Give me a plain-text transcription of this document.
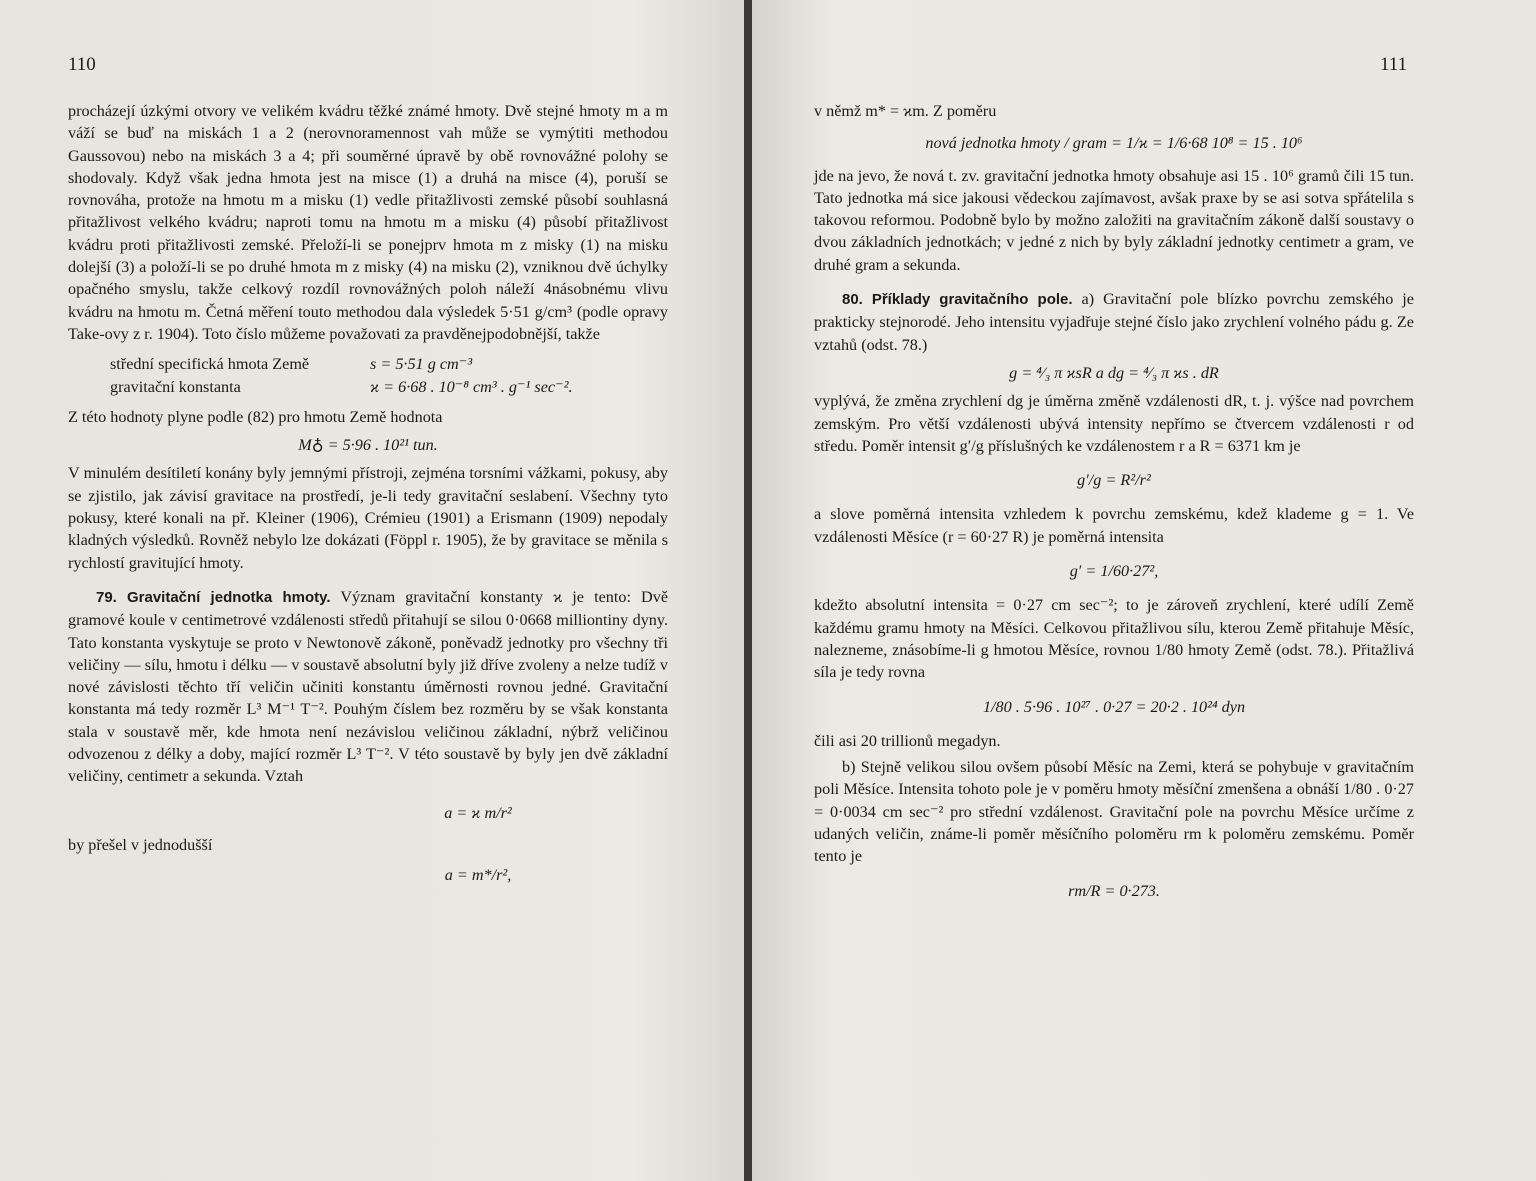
110

procházejí úzkými otvory ve velikém kvádru těžké známé hmoty. Dvě stejné hmoty m a m váží se buď na miskách 1 a 2 (nerovnoramennost vah může se vymýtiti methodou Gaussovou) nebo na miskách 3 a 4; při souměrné úpravě by obě rovnovážné polohy se shodovaly. Když však jedna hmota jest na misce (1) a druhá na misce (4), poruší se rovnováha, protože na hmotu m a misku (1) vedle přitažlivosti zemské působí souhlasná přitažlivost velkého kvádru; naproti tomu na hmotu m a misku (4) působí přitažlivost kvádru proti přitažlivosti zemské. Přeloží-li se ponejprv hmota m z misky (1) na misku dolejší (3) a položí-li se po druhé hmota m z misky (4) na misku (2), vzniknou dvě úchylky opačného smyslu, takže celkový rozdíl rovnovážných poloh náleží 4násobnému vlivu kvádru na hmotu m. Četná měření touto methodou dala výsledek 5·51 g/cm³ (podle opravy Take-ovy z r. 1904). Toto číslo můžeme považovati za pravděnejpodobnější, takže

střední specifická hmota Země	s = 5·51 g cm⁻³
gravitační konstanta	ϰ = 6·68 . 10⁻⁸ cm³ . g⁻¹ sec⁻².

Z této hodnoty plyne podle (82) pro hmotu Země hodnota

M♁ = 5·96 . 10²¹ tun.

V minulém desítiletí konány byly jemnými přístroji, zejména torsními vážkami, pokusy, aby se zjistilo, jak závisí gravitace na prostředí, je-li tedy gravitační seslabení. Všechny tyto pokusy, které konali na př. Kleiner (1906), Crémieu (1901) a Erismann (1909) nepodaly kladných výsledků. Rovněž nebylo lze dokázati (Föppl r. 1905), že by gravitace se měnila s rychlostí gravitující hmoty.

79. Gravitační jednotka hmoty. Význam gravitační konstanty ϰ je tento: Dvě gramové koule v centimetrové vzdálenosti středů přitahují se silou 0·0668 milliontiny dyny. Tato konstanta vyskytuje se proto v Newtonově zákoně, poněvadž jednotky pro všechny tři veličiny — sílu, hmotu i délku — v soustavě absolutní byly již dříve zvoleny a nelze tudíž v nové závislosti těchto tří veličin učiniti konstantu úměrnosti rovnou jedné. Gravitační konstanta má tedy rozměr L³ M⁻¹ T⁻². Pouhým číslem bez rozměru by se však konstanta stala v soustavě měr, kde hmota není nezávislou veličinou základní, nýbrž veličinou odvozenou z délky a doby, mající rozměr L³ T⁻². V této soustavě by byly jen dvě základní veličiny, centimetr a sekunda. Vztah

a = ϰ m/r²

by přešel v jednodušší

a = m*/r²,
111

v němž m* = ϰm. Z poměru

nová jednotka hmoty / gram = 1/ϰ = 1/6·68 10⁸ = 15 . 10⁶

jde na jevo, že nová t. zv. gravitační jednotka hmoty obsahuje asi 15 . 10⁶ gramů čili 15 tun. Tato jednotka má sice jakousi vědeckou zajímavost, avšak praxe by se asi sotva spřátelila s takovou reformou. Podobně bylo by možno založiti na gravitačním zákoně další soustavy o dvou základních jednotkách; v jedné z nich by byly základní jednotky centimetr a gram, ve druhé gram a sekunda.

80. Příklady gravitačního pole. a) Gravitační pole blízko povrchu zemského je prakticky stejnorodé. Jeho intensitu vyjadřuje stejné číslo jako zrychlení volného pádu g. Ze vztahů (odst. 78.)

g = ⁴⁄₃ π ϰsR a dg = ⁴⁄₃ π ϰs . dR

vyplývá, že změna zrychlení dg je úměrna změně vzdálenosti dR, t. j. výšce nad povrchem zemským. Pro větší vzdálenosti ubývá intensity nepřímo se čtvercem vzdálenosti r od středu. Poměr intensit g′/g příslušných ke vzdálenostem r a R = 6371 km je

g′/g = R²/r²

a slove poměrná intensita vzhledem k povrchu zemskému, kdež klademe g = 1. Ve vzdálenosti Měsíce (r = 60·27 R) je poměrná intensita

g′ = 1/60·27²,

kdežto absolutní intensita = 0·27 cm sec⁻²; to je zároveň zrychlení, které udílí Země každému gramu hmoty na Měsíci. Celkovou přitažlivou sílu, kterou Země přitahuje Měsíc, nalezneme, znásobíme-li g hmotou Měsíce, rovnou 1/80 hmoty Země (odst. 78.). Přitažlivá síla je tedy rovna

1/80 . 5·96 . 10²⁷ . 0·27 = 20·2 . 10²⁴ dyn

čili asi 20 trillionů megadyn.

b) Stejně velikou silou ovšem působí Měsíc na Zemi, která se pohybuje v gravitačním poli Měsíce. Intensita tohoto pole je v poměru hmoty měsíční zmenšena a obnáší 1/80 . 0·27 = 0·0034 cm sec⁻² pro střední vzdálenost. Gravitační pole na povrchu Měsíce určíme z udaných veličin, známe-li poměr měsíčního poloměru rm k poloměru zemskému. Poměr tento je

rm/R = 0·273.
